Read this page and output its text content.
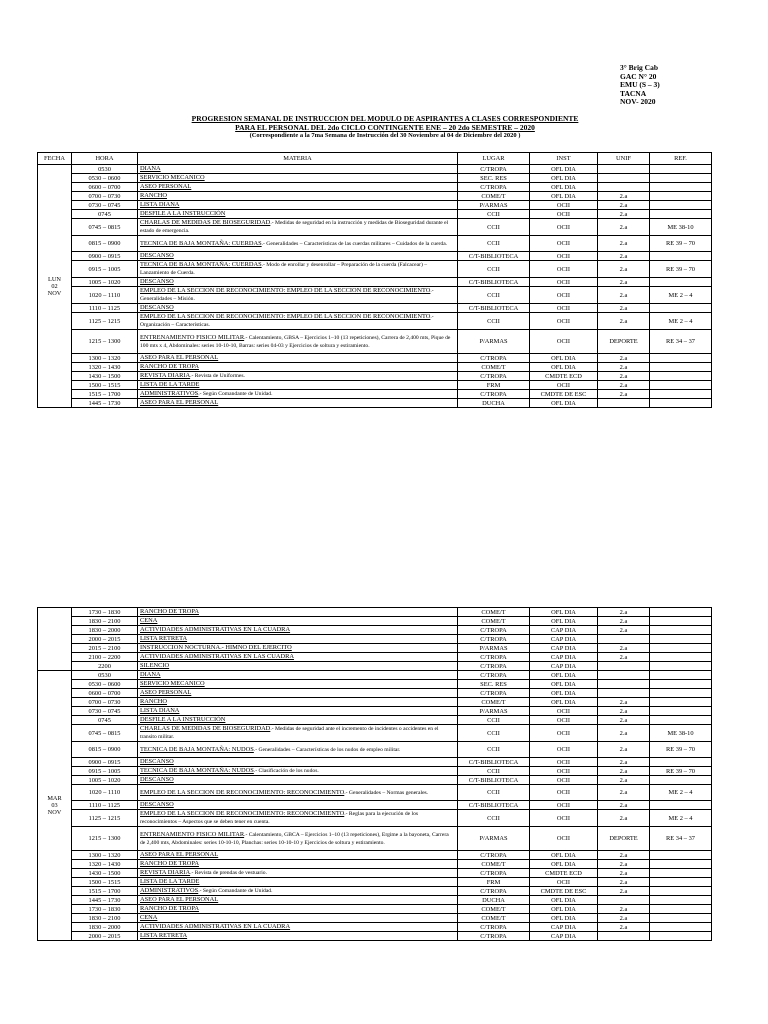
3° Brig Cab
GAC N° 20
EMU (S – 3)
TACNA
NOV- 2020
PROGRESION SEMANAL DE INSTRUCCION DEL MODULO DE ASPIRANTES A CLASES CORRESPONDIENTE
PARA EL PERSONAL DEL 2do CICLO CONTINGENTE ENE – 20 2do SEMESTRE – 2020
(Correspondiente a la 7ma Semana de Instrucción del 30 Noviembre al 04 de Diciembre del 2020 )
FECHA	HORA	MATERIA	LUGAR	INST	UNIF	REF.

LUN
02
NOV	0530	DIANA	C/TROPA	OFL DIA		
	0530 – 0600	SERVICIO MECANICO	SEC. RES	OFL DIA		
	0600 – 0700	ASEO PERSONAL	C/TROPA	OFL DIA		
	0700 – 0730	RANCHO	COME/T	OFL DIA	2.a	
	0730 – 0745	LISTA DIANA	P/ARMAS	OCII	2.a	
	0745	DESFILE A LA INSTRUCCIÓN	CCII	OCII	2.a	
	0745 – 0815	CHARLAS DE MEDIDAS DE BIOSEGURIDAD.- Medidas de seguridad en la instrucción y medidas de Bioseguridad durante el estado de emergencia.	CCII	OCII	2.a	ME 38-10
	0815 – 0900	TECNICA DE BAJA MONTAÑA: CUERDAS.- Generalidades – Características de las cuerdas militares – Cuidados de la cuerda.	CCII	OCII	2.a	RE 39 – 70
	0900 – 0915	DESCANSO	C/T-BIBLIOTECA	OCII	2.a	
	0915 – 1005	TECNICA DE BAJA MONTAÑA: CUERDAS.- Modo de enrollar y desenrollar – Preparación de la cuerda (Falcacear) – Lanzamiento de Cuerda.	CCII	OCII	2.a	RE 39 – 70
	1005 – 1020	DESCANSO	C/T-BIBLIOTECA	OCII	2.a	
	1020 – 1110	EMPLEO DE LA SECCION DE RECONOCIMIENTO: EMPLEO DE LA SECCION DE RECONOCIMIENTO.- Generalidades – Misión.	CCII	OCII	2.a	ME 2 – 4
	1110 – 1125	DESCANSO	C/T-BIBLIOTECA	OCII	2.a	
	1125 – 1215	EMPLEO DE LA SECCION DE RECONOCIMIENTO: EMPLEO DE LA SECCION DE RECONOCIMIENTO.- Organización – Características.	CCII	OCII	2.a	ME 2 – 4
	1215 – 1300	ENTRENAMIENTO FISICO MILITAR.- Calentamiento, GBSA – Ejercicios 1–10 (13 repeticiones), Carrera de 2,400 mts, Pique de 100 mts x 4, Abdominales: series 10-10-10, Barras: series 04-03 y Ejercicios de soltura y estiramiento.	P/ARMAS	OCII	DEPORTE	RE 34 – 37
	1300 – 1320	ASEO PARA EL PERSONAL	C/TROPA	OFL DIA	2.a	
	1320 – 1430	RANCHO DE TROPA	COME/T	OFL DIA	2.a	
	1430 – 1500	REVISTA DIARIA.- Revista de Uniformes.	C/TROPA	CMDTE ECD	2.a	
	1500 – 1515	LISTA DE LA TARDE	FRM	OCII	2.a	
	1515 – 1700	ADMINISTRATIVOS.- Según Comandante de Unidad.	C/TROPA	CMDTE DE ESC	2.a	
	1445 – 1730	ASEO PARA EL PERSONAL	DUCHA	OFL DIA		
	1730 – 1830	RANCHO DE TROPA	COME/T	OFL DIA	2.a	
	1830 – 2100	CENA	COME/T	OFL DIA	2.a	
	1830 – 2000	ACTIVIDADES ADMINISTRATIVAS EN LA CUADRA	C/TROPA	CAP DIA	2.a	
	2000 – 2015	LISTA RETRETA	C/TROPA	CAP DIA		
	2015 – 2100	INSTRUCCION NOCTURNA.- HIMNO DEL EJERCITO	P/ARMAS	CAP DIA	2.a	
	2100 – 2200	ACTIVIDADES ADMINISTRATIVAS EN LAS CUADRA	C/TROPA	CAP DIA	2.a	
	2200	SILENCIO	C/TROPA	CAP DIA		

MAR
03
NOV	0530	DIANA	C/TROPA	OFL DIA		
	0530 – 0600	SERVICIO MECANICO	SEC. RES	OFL DIA		
	0600 – 0700	ASEO PERSONAL	C/TROPA	OFL DIA		
	0700 – 0730	RANCHO	COME/T	OFL DIA	2.a	
	0730 – 0745	LISTA DIANA	P/ARMAS	OCII	2.a	
	0745	DESFILE A LA INSTRUCCIÓN	CCII	OCII	2.a	
	0745 – 0815	CHARLAS DE MEDIDAS DE BIOSEGURIDAD.- Medidas de seguridad ante el incremento de incidentes o accidentes en el transito militar.	CCII	OCII	2.a	ME 38-10
	0815 – 0900	TECNICA DE BAJA MONTAÑA: NUDOS.- Generalidades – Características de los nudos de empleo militar.	CCII	OCII	2.a	RE 39 – 70
	0900 – 0915	DESCANSO	C/T-BIBLIOTECA	OCII	2.a	
	0915 – 1005	TECNICA DE BAJA MONTAÑA: NUDOS.- Clasificación de los nudos.	CCII	OCII	2.a	RE 39 – 70
	1005 – 1020	DESCANSO	C/T-BIBLIOTECA	OCII	2.a	
	1020 – 1110	EMPLEO DE LA SECCION DE RECONOCIMIENTO: RECONOCIMIENTO.- Generalidades – Normas generales.	CCII	OCII	2.a	ME 2 – 4
	1110 – 1125	DESCANSO	C/T-BIBLIOTECA	OCII	2.a	
	1125 – 1215	EMPLEO DE LA SECCION DE RECONOCIMIENTO: RECONOCIMIENTO.- Reglas para la ejecución de los reconocimientos – Aspectos que se deben tener en cuenta.	CCII	OCII	2.a	ME 2 – 4
	1215 – 1300	ENTRENAMIENTO FISICO MILITAR.- Calentamiento, GBCA – Ejercicios 1–10 (13 repeticiones), Ergime a la bayoneta, Carrera de 2,400 mts, Abdominales: series 10-10-10, Planchas: series 10-10-10 y Ejercicios de soltura y estiramiento.	P/ARMAS	OCII	DEPORTE	RE 34 – 37
	1300 – 1320	ASEO PARA EL PERSONAL	C/TROPA	OFL DIA	2.a	
	1320 – 1430	RANCHO DE TROPA	COME/T	OFL DIA	2.a	
	1430 – 1500	REVISTA DIARIA.- Revista de prendas de vestuario.	C/TROPA	CMDTE ECD	2.a	
	1500 – 1515	LISTA DE LA TARDE	FRM	OCII	2.a	
	1515 – 1700	ADMINISTRATIVOS.- Según Comandante de Unidad.	C/TROPA	CMDTE DE ESC	2.a	
	1445 – 1730	ASEO PARA EL PERSONAL	DUCHA	OFL DIA		
	1730 – 1830	RANCHO DE TROPA	COME/T	OFL DIA	2.a	
	1830 – 2100	CENA	COME/T	OFL DIA	2.a	
	1830 – 2000	ACTIVIDADES ADMINISTRATIVAS EN LA CUADRA	C/TROPA	CAP DIA	2.a	
	2000 – 2015	LISTA RETRETA	C/TROPA	CAP DIA		
